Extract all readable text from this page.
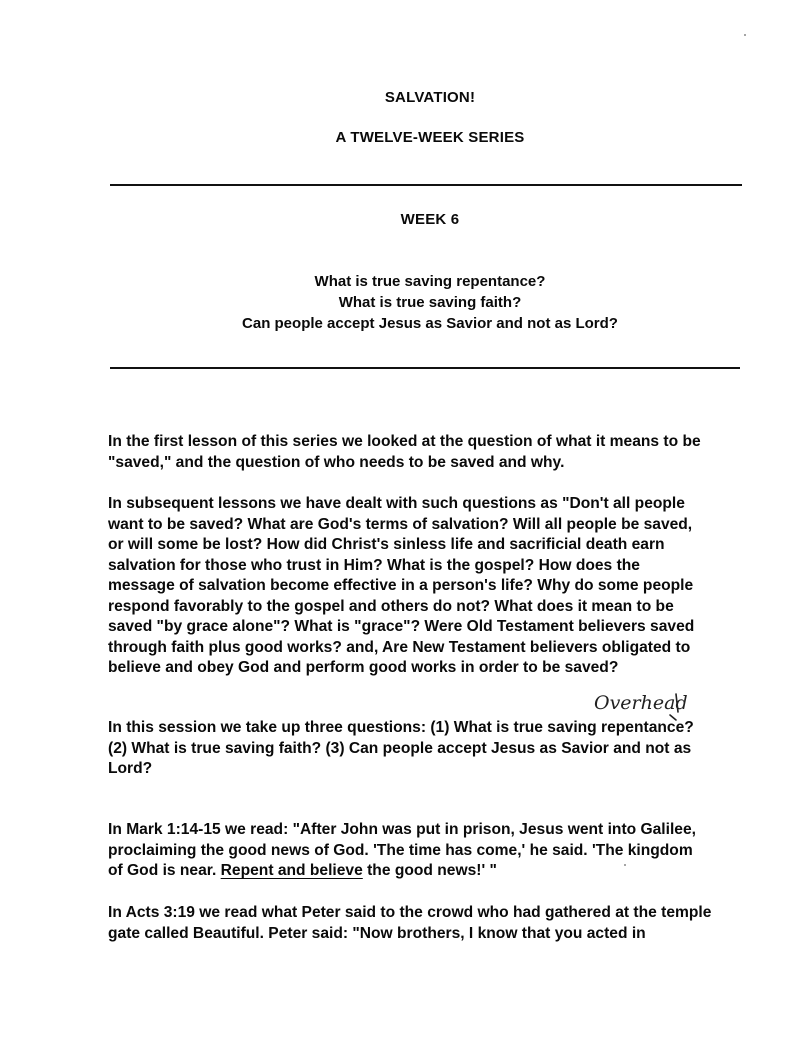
SALVATION!
A TWELVE-WEEK SERIES
WEEK 6
What is true saving repentance?
What is true saving faith?
Can people accept Jesus as Savior and not as Lord?
In the first lesson of this series we looked at the question of what it means to be
"saved," and the question of who needs to be saved and why.
In subsequent lessons we have dealt with such questions as "Don't all people
want to be saved? What are God's terms of salvation? Will all people be saved,
or will some be lost? How did Christ's sinless life and sacrificial death earn
salvation for those who trust in Him? What is the gospel? How does the
message of salvation become effective in a person's life? Why do some people
respond favorably to the gospel and others do not? What does it mean to be
saved "by grace alone"? What is "grace"? Were Old Testament believers saved
through faith plus good works? and, Are New Testament believers obligated to
believe and obey God and perform good works in order to be saved?
Overhead
In this session we take up three questions: (1) What is true saving repentance?
(2) What is true saving faith? (3) Can people accept Jesus as Savior and not as
Lord?
In Mark 1:14-15 we read: "After John was put in prison, Jesus went into Galilee,
proclaiming the good news of God. 'The time has come,' he said. 'The kingdom
of God is near. Repent and believe the good news!' "
In Acts 3:19 we read what Peter said to the crowd who had gathered at the temple
gate called Beautiful. Peter said: "Now brothers, I know that you acted in
